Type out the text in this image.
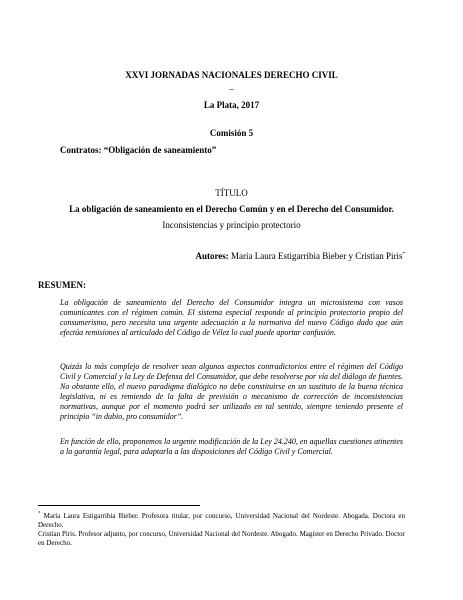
XXVI JORNADAS NACIONALES DERECHO CIVIL
–
La Plata, 2017
Comisión 5
Contratos: “Obligación de saneamiento”
TÍTULO
La obligación de saneamiento en el Derecho Común y en el Derecho del Consumidor.
Inconsistencias y principio protectorio
Autores: María Laura Estigarribia Bieber y Cristian Piris*
RESUMEN:
La obligación de saneamiento del Derecho del Consumidor integra un microsistema con vasos comunicantes con el régimen común. El sistema especial responde al principio protectorio propio del consumerismo, pero necesita una urgente adecuación a la normativa del nuevo Código dado que aún efectúa remisiones al articulado del Código de Vélez lo cual puede aportar confusión.
Quizás lo más complejo de resolver sean algunos aspectos contradictorios entre el régimen del Código Civil y Comercial y la Ley de Defensa del Consumidor, que debe resolverse por vía del diálogo de fuentes. No obstante ello, el nuevo paradigma dialógico no debe constituirse en un sustituto de la buena técnica legislativa, ni es remiendo de la falta de previsión o mecanismo de corrección de inconsistencias normativas, aunque por el momento podrá ser utilizado en tal sentido, siempre teniendo presente el principio “in dubio, pro consumidor”.
En función de ello, proponemos la urgente modificación de la Ley 24.240, en aquellas cuestiones atinentes a la garantía legal, para adaptarla a las disposiciones del Código Civil y Comercial.
* María Laura Estigarribia Bieber. Profesora titular, por concurso, Universidad Nacional del Nordeste. Abogada. Doctora en Derecho.
Cristian Piris. Profesor adjunto, por concurso, Universidad Nacional del Nordeste. Abogado. Magíster en Derecho Privado. Doctor en Derecho.
